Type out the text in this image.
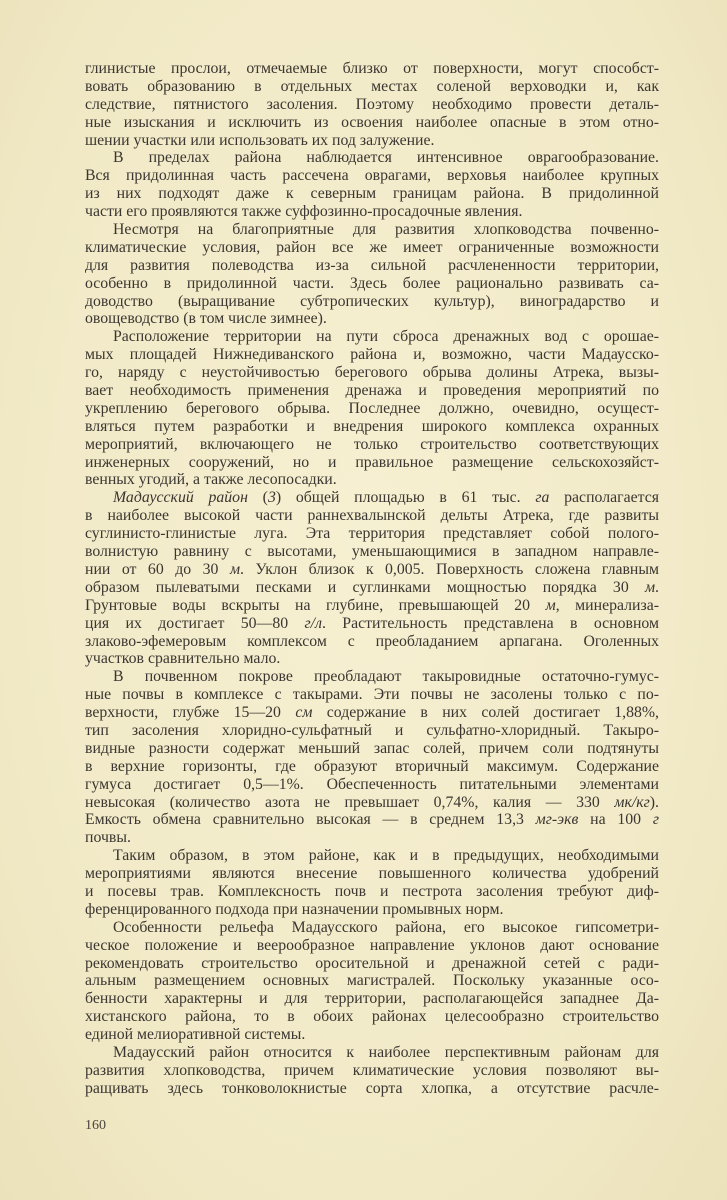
глинистые прослои, отмечаемые близко от поверхности, могут способст-
вовать образованию в отдельных местах соленой верховодки и, как
следствие, пятнистого засоления. Поэтому необходимо провести деталь-
ные изыскания и исключить из освоения наиболее опасные в этом отно-
шении участки или использовать их под залужение.
В пределах района наблюдается интенсивное оврагообразование.
Вся придолинная часть рассечена оврагами, верховья наиболее крупных
из них подходят даже к северным границам района. В придолинной
части его проявляются также суффозинно-просадочные явления.
Несмотря на благоприятные для развития хлопководства почвенно-
климатические условия, район все же имеет ограниченные возможности
для развития полеводства из-за сильной расчлененности территории,
особенно в придолинной части. Здесь более рационально развивать са-
доводство (выращивание субтропических культур), виноградарство и
овощеводство (в том числе зимнее).
Расположение территории на пути сброса дренажных вод с орошае-
мых площадей Нижнедиванского района и, возможно, части Мадаусско-
го, наряду с неустойчивостью берегового обрыва долины Атрека, вызы-
вает необходимость применения дренажа и проведения мероприятий по
укреплению берегового обрыва. Последнее должно, очевидно, осущест-
вляться путем разработки и внедрения широкого комплекса охранных
мероприятий, включающего не только строительство соответствующих
инженерных сооружений, но и правильное размещение сельскохозяйст-
венных угодий, а также лесопосадки.
Мадаусский район (3) общей площадью в 61 тыс. га располагается
в наиболее высокой части раннехвалынской дельты Атрека, где развиты
суглинисто-глинистые луга. Эта территория представляет собой полого-
волнистую равнину с высотами, уменьшающимися в западном направле-
нии от 60 до 30 м. Уклон близок к 0,005. Поверхность сложена главным
образом пылеватыми песками и суглинками мощностью порядка 30 м.
Грунтовые воды вскрыты на глубине, превышающей 20 м, минерализа-
ция их достигает 50—80 г/л. Растительность представлена в основном
злаково-эфемеровым комплексом с преобладанием арпагана. Оголенных
участков сравнительно мало.
В почвенном покрове преобладают такыровидные остаточно-гумус-
ные почвы в комплексе с такырами. Эти почвы не засолены только с по-
верхности, глубже 15—20 см содержание в них солей достигает 1,88%,
тип засоления хлоридно-сульфатный и сульфатно-хлоридный. Такыро-
видные разности содержат меньший запас солей, причем соли подтянуты
в верхние горизонты, где образуют вторичный максимум. Содержание
гумуса достигает 0,5—1%. Обеспеченность питательными элементами
невысокая (количество азота не превышает 0,74%, калия — 330 мк/кг).
Емкость обмена сравнительно высокая — в среднем 13,3 мг-экв на 100 г
почвы.
Таким образом, в этом районе, как и в предыдущих, необходимыми
мероприятиями являются внесение повышенного количества удобрений
и посевы трав. Комплексность почв и пестрота засоления требуют диф-
ференцированного подхода при назначении промывных норм.
Особенности рельефа Мадаусского района, его высокое гипсометри-
ческое положение и веерообразное направление уклонов дают основание
рекомендовать строительство оросительной и дренажной сетей с ради-
альным размещением основных магистралей. Поскольку указанные осо-
бенности характерны и для территории, располагающейся западнее Да-
хистанского района, то в обоих районах целесообразно строительство
единой мелиоративной системы.
Мадаусский район относится к наиболее перспективным районам для
развития хлопководства, причем климатические условия позволяют вы-
ращивать здесь тонковолокнистые сорта хлопка, а отсутствие расчле-
160
